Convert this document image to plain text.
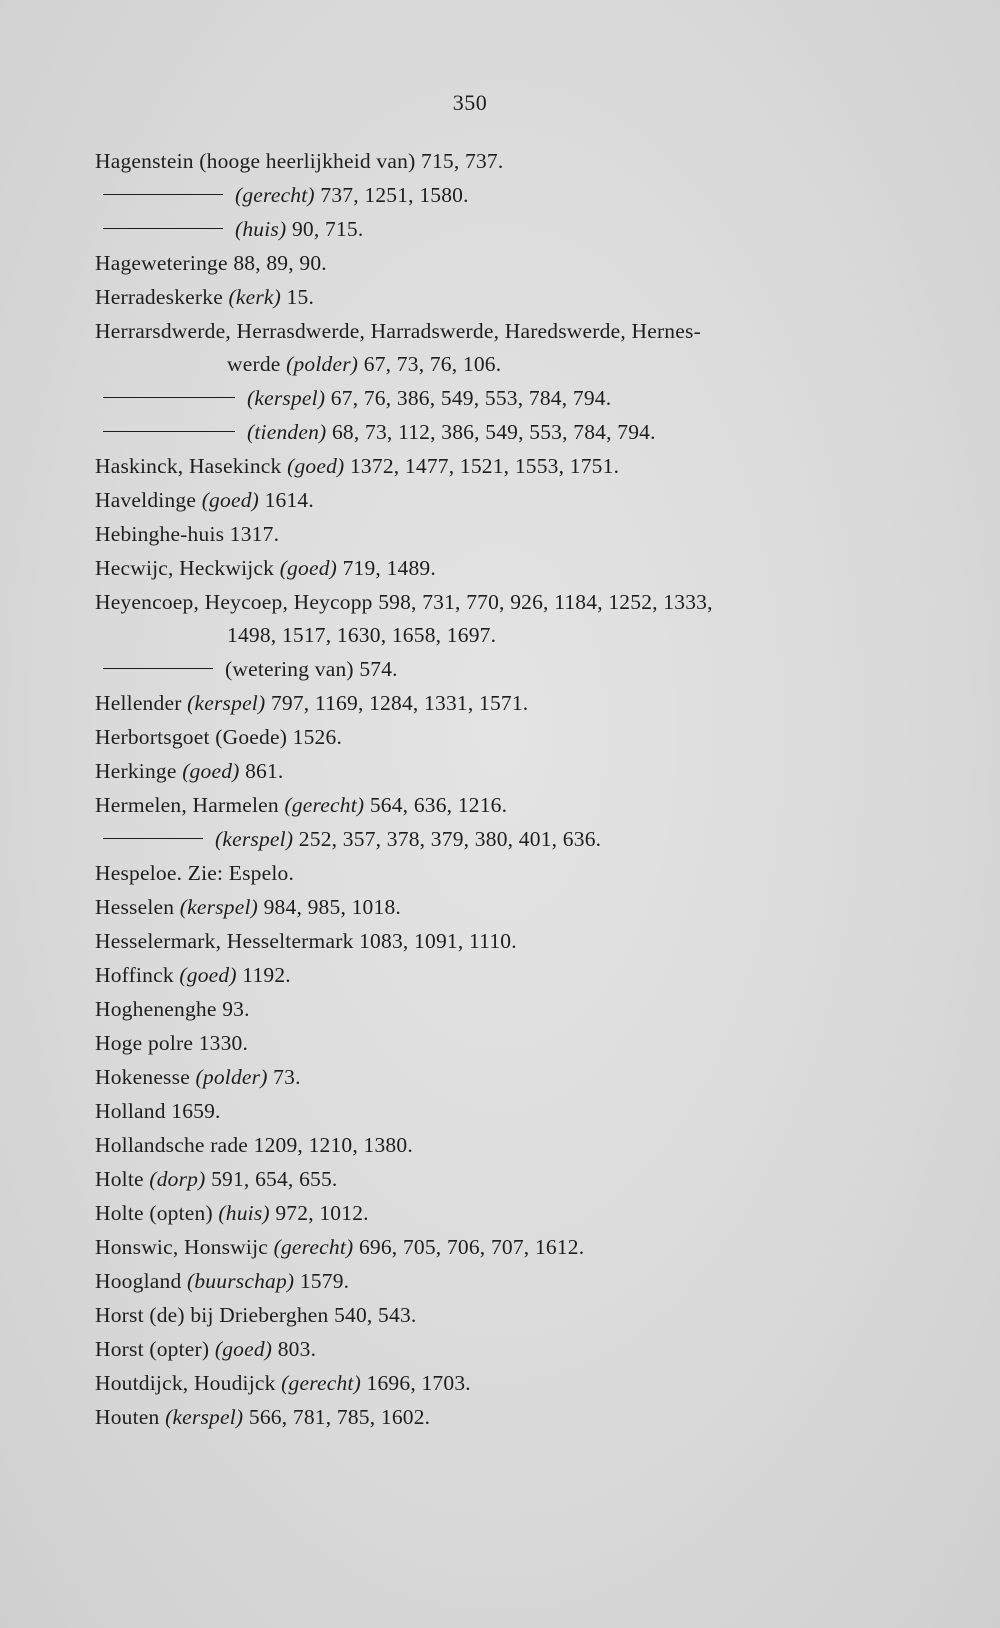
350
Hagenstein (hooge heerlijkheid van) 715, 737.
(gerecht) 737, 1251, 1580.
(huis) 90, 715.
Hageweteringe 88, 89, 90.
Herradeskerke (kerk) 15.
Herrarsdwerde, Herrasdwerde, Harradswerde, Haredswerde, Hernes-
werde (polder) 67, 73, 76, 106.
(kerspel) 67, 76, 386, 549, 553, 784, 794.
(tienden) 68, 73, 112, 386, 549, 553, 784, 794.
Haskinck, Hasekinck (goed) 1372, 1477, 1521, 1553, 1751.
Haveldinge (goed) 1614.
Hebinghe-huis 1317.
Hecwijc, Heckwijck (goed) 719, 1489.
Heyencoep, Heycoep, Heycopp 598, 731, 770, 926, 1184, 1252, 1333,
1498, 1517, 1630, 1658, 1697.
(wetering van) 574.
Hellender (kerspel) 797, 1169, 1284, 1331, 1571.
Herbortsgoet (Goede) 1526.
Herkinge (goed) 861.
Hermelen, Harmelen (gerecht) 564, 636, 1216.
(kerspel) 252, 357, 378, 379, 380, 401, 636.
Hespeloe. Zie: Espelo.
Hesselen (kerspel) 984, 985, 1018.
Hesselermark, Hesseltermark 1083, 1091, 1110.
Hoffinck (goed) 1192.
Hoghenenghe 93.
Hoge polre 1330.
Hokenesse (polder) 73.
Holland 1659.
Hollandsche rade 1209, 1210, 1380.
Holte (dorp) 591, 654, 655.
Holte (opten) (huis) 972, 1012.
Honswic, Honswijc (gerecht) 696, 705, 706, 707, 1612.
Hoogland (buurschap) 1579.
Horst (de) bij Drieberghen 540, 543.
Horst (opter) (goed) 803.
Houtdijck, Houdijck (gerecht) 1696, 1703.
Houten (kerspel) 566, 781, 785, 1602.
